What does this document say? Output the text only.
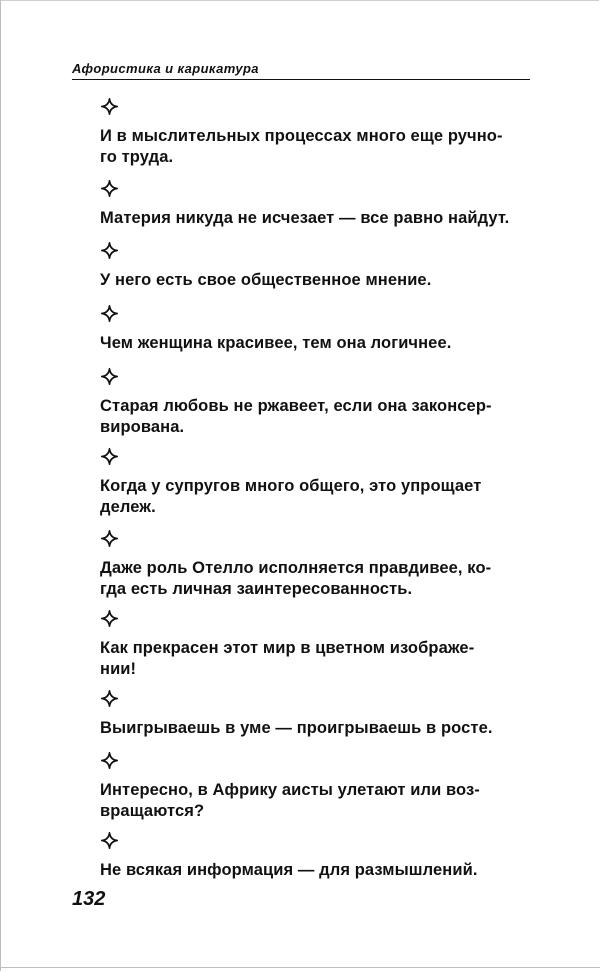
Афористика и карикатура
И в мыслительных процессах много еще ручно-
го труда.
Материя никуда не исчезает — все равно найдут.
У него есть свое общественное мнение.
Чем женщина красивее, тем она логичнее.
Старая любовь не ржавеет, если она законсер-
вирована.
Когда у супругов много общего, это упрощает
дележ.
Даже роль Отелло исполняется правдивее, ко-
гда есть личная заинтересованность.
Как прекрасен этот мир в цветном изображе-
нии!
Выигрываешь в уме — проигрываешь в росте.
Интересно, в Африку аисты улетают или воз-
вращаются?
Не всякая информация — для размышлений.
132
